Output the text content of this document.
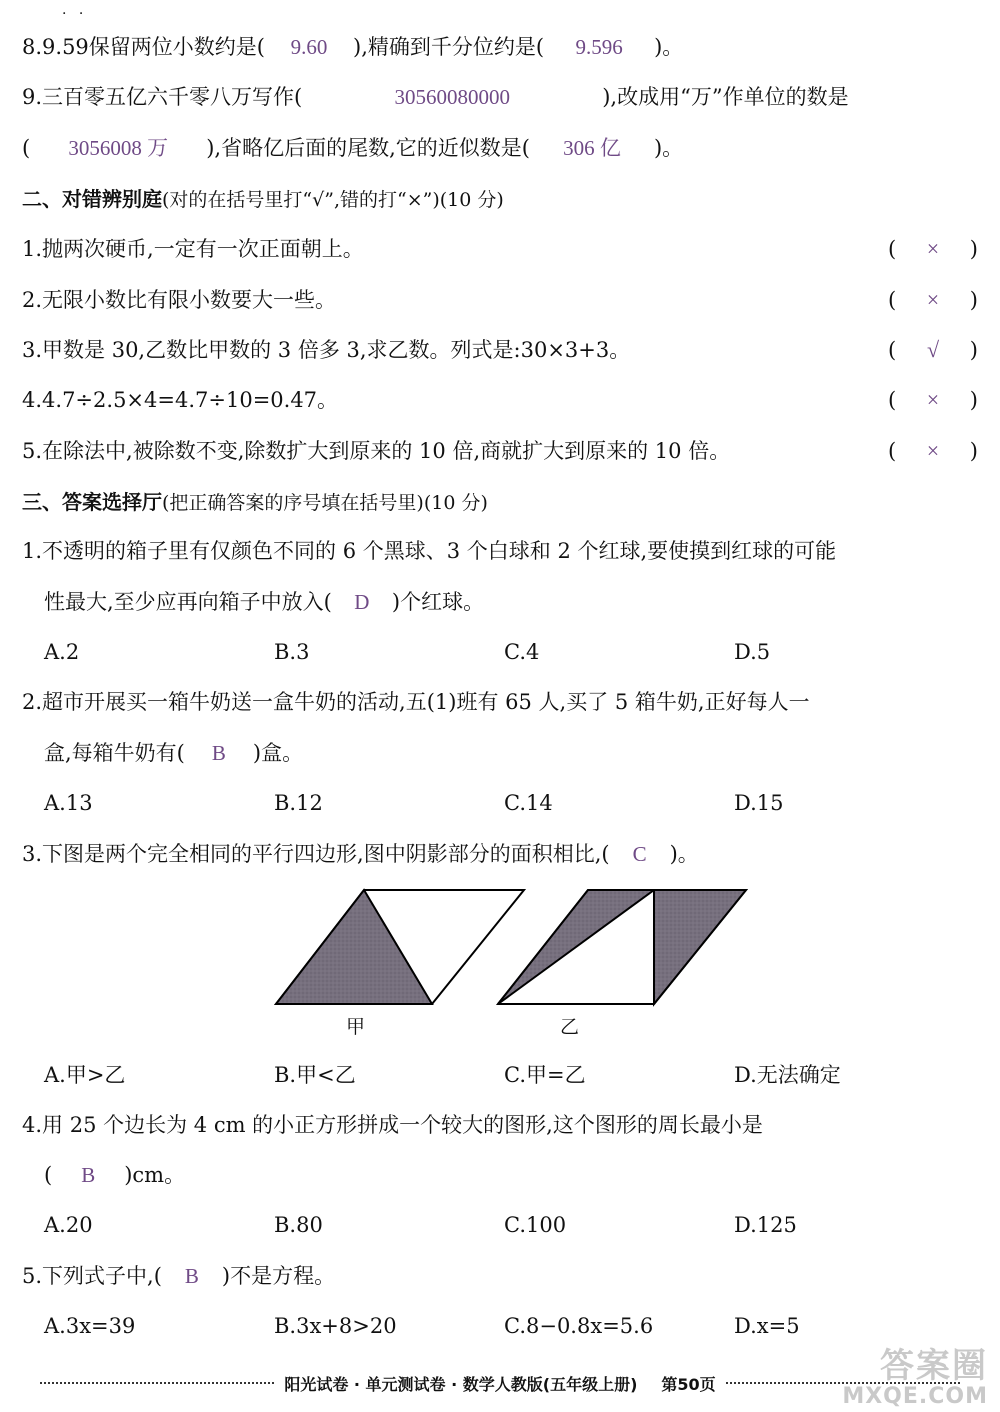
· ·
8.9.59保留两位小数约是( 9.60 ),精确到千分位约是( 9.596 )。
9.三百零五亿六千零八万写作(	30560080000	),改成用“万”作单位的数是
( 3056008 万 ),省略亿后面的尾数,它的近似数是( 306 亿 )。
二、对错辨别庭(对的在括号里打“√”,错的打“×”)(10 分)
1.抛两次硬币,一定有一次正面朝上。	( × )
2.无限小数比有限小数要大一些。	( × )
3.甲数是 30,乙数比甲数的 3 倍多 3,求乙数。列式是:30×3+3。	( √ )
4.4.7÷2.5×4=4.7÷10=0.47。	( × )
5.在除法中,被除数不变,除数扩大到原来的 10 倍,商就扩大到原来的 10 倍。	( × )
三、答案选择厅(把正确答案的序号填在括号里)(10 分)
1.不透明的箱子里有仅颜色不同的 6 个黑球、3 个白球和 2 个红球,要使摸到红球的可能
性最大,至少应再向箱子中放入( D )个红球。
A.2	B.3	C.4	D.5
2.超市开展买一箱牛奶送一盒牛奶的活动,五(1)班有 65 人,买了 5 箱牛奶,正好每人一
盒,每箱牛奶有( B )盒。
A.13	B.12	C.14	D.15
3.下图是两个完全相同的平行四边形,图中阴影部分的面积相比,( C )。
甲	乙
A.甲>乙	B.甲<乙	C.甲=乙	D.无法确定
4.用 25 个边长为 4 cm 的小正方形拼成一个较大的图形,这个图形的周长最小是
( B )cm。
A.20	B.80	C.100	D.125
5.下列式子中,( B )不是方程。
A.3x=39	B.3x+8>20	C.8−0.8x=5.6	D.x=5
阳光试卷 · 单元测试卷 · 数学人教版(五年级上册) 第50页	答案圈
MXQE.COM
